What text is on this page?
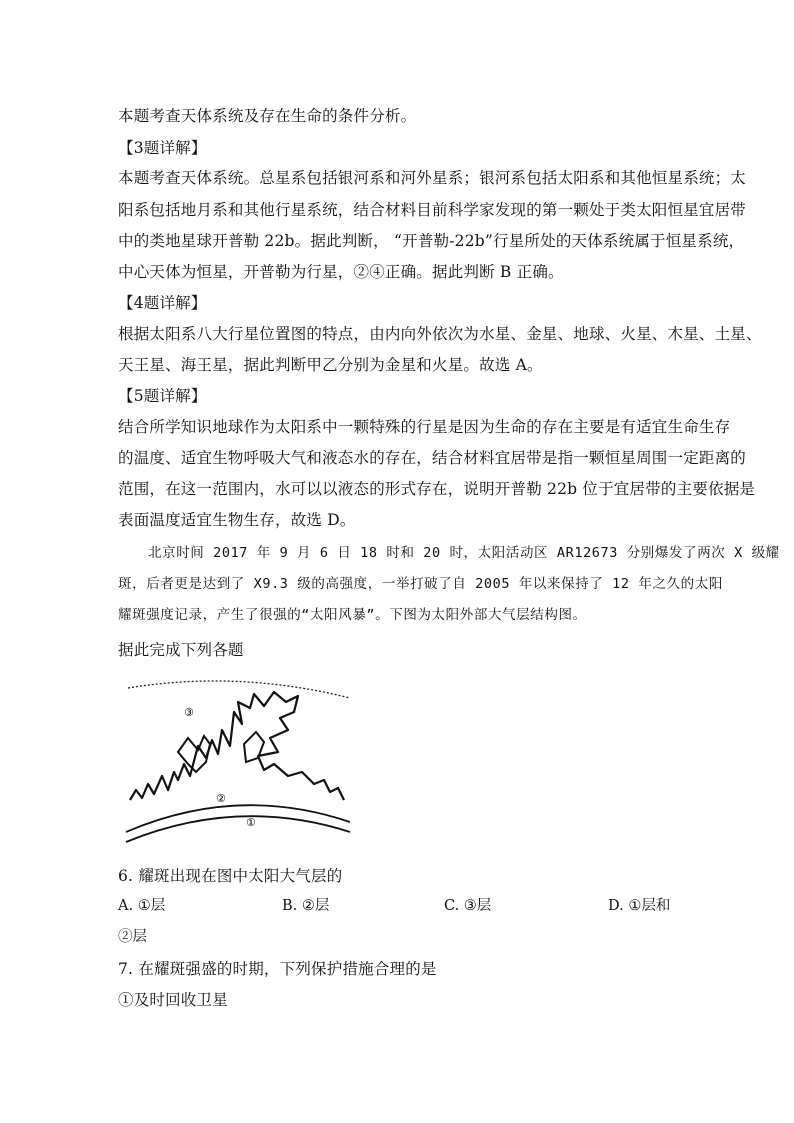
本题考查天体系统及存在生命的条件分析。
【3题详解】
本题考查天体系统。总星系包括银河系和河外星系；银河系包括太阳系和其他恒星系统；太
阳系包括地月系和其他行星系统，结合材料目前科学家发现的第一颗处于类太阳恒星宜居带
中的类地星球开普勒 22b。据此判断， “开普勒-22b”行星所处的天体系统属于恒星系统，
中心天体为恒星，开普勒为行星，②④正确。据此判断 B 正确。
【4题详解】
根据太阳系八大行星位置图的特点，由内向外依次为水星、金星、地球、火星、木星、土星、
天王星、海王星，据此判断甲乙分别为金星和火星。故选 A。
【5题详解】
结合所学知识地球作为太阳系中一颗特殊的行星是因为生命的存在主要是有适宜生命生存
的温度、适宜生物呼吸大气和液态水的存在，结合材料宜居带是指一颗恒星周围一定距离的
范围，在这一范围内，水可以以液态的形式存在，说明开普勒 22b 位于宜居带的主要依据是
表面温度适宜生物生存，故选 D。
北京时间 2017 年 9 月 6 日 18 时和 20 时，太阳活动区 AR12673 分别爆发了两次 X 级耀
斑，后者更是达到了 X9.3 级的高强度，一举打破了自 2005 年以来保持了 12 年之久的太阳
耀斑强度记录，产生了很强的“太阳风暴”。下图为太阳外部大气层结构图。
据此完成下列各题
③
②
①
6. 耀斑出现在图中太阳大气层的
A. ①层	B. ②层	C. ③层	D. ①层和
②层
7. 在耀斑强盛的时期，下列保护措施合理的是
①及时回收卫星
